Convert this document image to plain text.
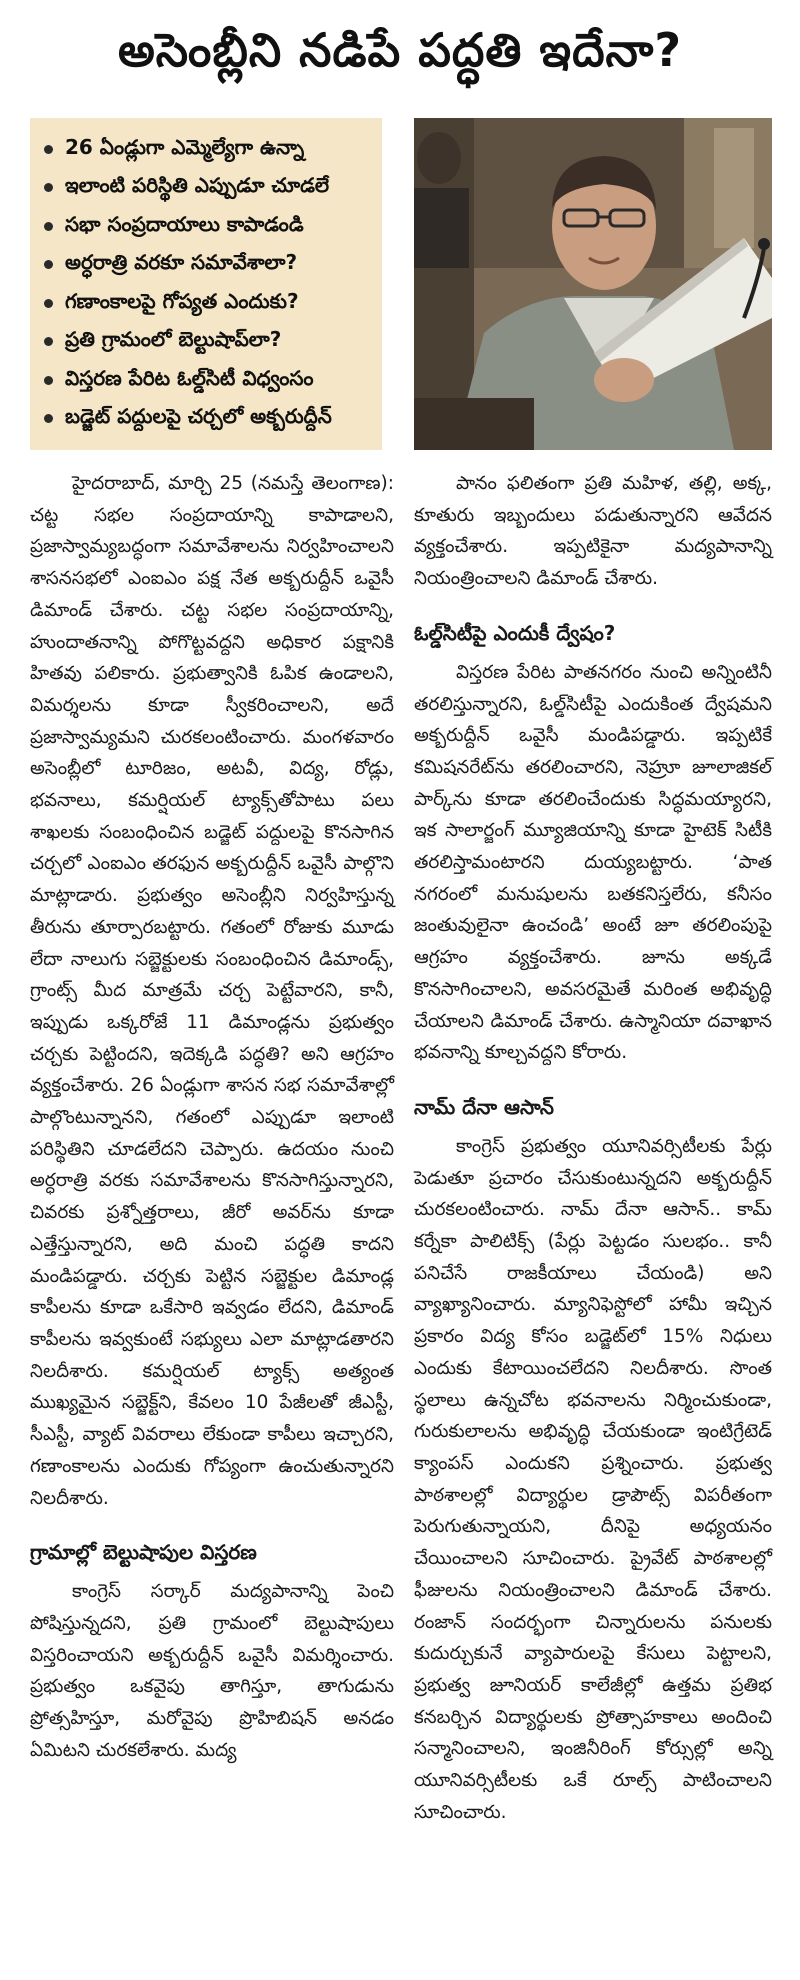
అసెంబ్లీని నడిపే పద్ధతి ఇదేనా?
26 ఏండ్లుగా ఎమ్మెల్యేగా ఉన్నా
ఇలాంటి పరిస్థితి ఎప్పుడూ చూడలే
సభా సంప్రదాయాలు కాపాడండి
అర్ధరాత్రి వరకూ సమావేశాలా?
గణాంకాలపై గోప్యత ఎందుకు?
ప్రతి గ్రామంలో బెల్టుషాప్‌లా?
విస్తరణ పేరిట ఓల్డ్‌సిటీ విధ్వంసం
బడ్జెట్ పద్దులపై చర్చలో అక్బరుద్దీన్

హైదరాబాద్, మార్చి 25 (నమస్తే తెలంగాణ): చట్ట సభల సంప్రదాయాన్ని కాపాడాలని, ప్రజాస్వామ్యబద్ధంగా సమావేశాలను నిర్వహించాలని శాసనసభలో ఎంఐఎం పక్ష నేత అక్బరుద్దీన్ ఒవైసీ డిమాండ్ చేశారు. చట్ట సభల సంప్రదాయాన్ని, హుందాతనాన్ని పోగొట్టవద్దని అధికార పక్షానికి హితవు పలికారు. ప్రభుత్వానికి ఓపిక ఉండాలని, విమర్శలను కూడా స్వీకరించాలని, అదే ప్రజాస్వామ్యమని చురకలంటించారు. మంగళవారం అసెంబ్లీలో టూరిజం, అటవీ, విద్య, రోడ్లు, భవనాలు, కమర్షియల్ ట్యాక్స్‌తోపాటు పలు శాఖలకు సంబంధించిన బడ్జెట్ పద్దులపై కొనసాగిన చర్చలో ఎంఐఎం తరఫున అక్బరుద్దీన్ ఒవైసీ పాల్గొని మాట్లాడారు. ప్రభుత్వం అసెంబ్లీని నిర్వహిస్తున్న తీరును తూర్పారబట్టారు. గతంలో రోజుకు మూడు లేదా నాలుగు సబ్జెక్టులకు సంబంధించిన డిమాండ్స్, గ్రాంట్స్ మీద మాత్రమే చర్చ పెట్టేవారని, కానీ, ఇప్పుడు ఒక్కరోజే 11 డిమాండ్లను ప్రభుత్వం చర్చకు పెట్టిందని, ఇదెక్కడి పద్ధతి? అని ఆగ్రహం వ్యక్తంచేశారు. 26 ఏండ్లుగా శాసన సభ సమావేశాల్లో పాల్గొంటున్నానని, గతంలో ఎప్పుడూ ఇలాంటి పరిస్థితిని చూడలేదని చెప్పారు. ఉదయం నుంచి అర్ధరాత్రి వరకు సమావేశాలను కొనసాగిస్తున్నారని, చివరకు ప్రశ్నోత్తరాలు, జీరో అవర్‌ను కూడా ఎత్తేస్తున్నారని, అది మంచి పద్ధతి కాదని మండిపడ్డారు. చర్చకు పెట్టిన సబ్జెక్టుల డిమాండ్ల కాపీలను కూడా ఒకేసారి ఇవ్వడం లేదని, డిమాండ్ కాపీలను ఇవ్వకుంటే సభ్యులు ఎలా మాట్లాడతారని నిలదీశారు. కమర్షియల్ ట్యాక్స్ అత్యంత ముఖ్యమైన సబ్జెక్ట్‌ని, కేవలం 10 పేజీలతో జీఎస్టీ, సీఎస్టీ, వ్యాట్ వివరాలు లేకుండా కాపీలు ఇచ్చారని, గణాంకాలను ఎందుకు గోప్యంగా ఉంచుతున్నారని నిలదీశారు.

గ్రామాల్లో బెల్టుషాపుల విస్తరణ

కాంగ్రెస్ సర్కార్ మద్యపానాన్ని పెంచి పోషిస్తున్నదని, ప్రతి గ్రామంలో బెల్టుషాపులు విస్తరించాయని అక్బరుద్దీన్ ఒవైసీ విమర్శించారు. ప్రభుత్వం ఒకవైపు తాగిస్తూ, తాగుడును ప్రోత్సహిస్తూ, మరోవైపు ప్రొహిబిషన్ అనడం ఏమిటని చురకలేశారు. మద్య

పానం ఫలితంగా ప్రతి మహిళ, తల్లి, అక్క, కూతురు ఇబ్బందులు పడుతున్నారని ఆవేదన వ్యక్తంచేశారు. ఇప్పటికైనా మద్యపానాన్ని నియంత్రించాలని డిమాండ్ చేశారు.

ఓల్డ్‌సిటీపై ఎందుకీ ద్వేషం?

విస్తరణ పేరిట పాతనగరం నుంచి అన్నింటినీ తరలిస్తున్నారని, ఓల్డ్‌సిటీపై ఎందుకింత ద్వేషమని అక్బరుద్దీన్ ఒవైసీ మండిపడ్డారు. ఇప్పటికే కమిషనరేట్‌ను తరలించారని, నెహ్రూ జూలాజికల్ పార్క్‌ను కూడా తరలించేందుకు సిద్ధమయ్యారని, ఇక సాలార్జంగ్ మ్యూజియాన్ని కూడా హైటెక్ సిటీకి తరలిస్తామంటారని దుయ్యబట్టారు. ‘పాత నగరంలో మనుషులను బతకనిస్తలేరు, కనీసం జంతువులైనా ఉంచండి’ అంటే జూ తరలింపుపై ఆగ్రహం వ్యక్తంచేశారు. జూను అక్కడే కొనసాగించాలని, అవసరమైతే మరింత అభివృద్ధి చేయాలని డిమాండ్ చేశారు. ఉస్మానియా దవాఖాన భవనాన్ని కూల్చవద్దని కోరారు.

నామ్ దేనా ఆసాన్

కాంగ్రెస్ ప్రభుత్వం యూనివర్సిటీలకు పేర్లు పెడుతూ ప్రచారం చేసుకుంటున్నదని అక్బరుద్దీన్ చురకలంటించారు. నామ్ దేనా ఆసాన్.. కామ్ కర్నేకా పాలిటిక్స్ (పేర్లు పెట్టడం సులభం.. కానీ పనిచేసే రాజకీయాలు చేయండి) అని వ్యాఖ్యానించారు. మ్యానిఫెస్టోలో హామీ ఇచ్చిన ప్రకారం విద్య కోసం బడ్జెట్‌లో 15% నిధులు ఎందుకు కేటాయించలేదని నిలదీశారు. సొంత స్థలాలు ఉన్నచోట భవనాలను నిర్మించుకుండా, గురుకులాలను అభివృద్ధి చేయకుండా ఇంటిగ్రేటెడ్ క్యాంపస్ ఎందుకని ప్రశ్నించారు. ప్రభుత్వ పాఠశాలల్లో విద్యార్థుల డ్రాపౌట్స్ విపరీతంగా పెరుగుతున్నాయని, దీనిపై అధ్యయనం చేయించాలని సూచించారు. ప్రైవేట్ పాఠశాలల్లో ఫీజులను నియంత్రించాలని డిమాండ్ చేశారు. రంజాన్ సందర్భంగా చిన్నారులను పనులకు కుదుర్చుకునే వ్యాపారులపై కేసులు పెట్టాలని, ప్రభుత్వ జూనియర్ కాలేజీల్లో ఉత్తమ ప్రతిభ కనబర్చిన విద్యార్థులకు ప్రోత్సాహకాలు అందించి సన్మానించాలని, ఇంజినీరింగ్ కోర్సుల్లో అన్ని యూనివర్సిటీలకు ఒకే రూల్స్ పాటించాలని సూచించారు.
